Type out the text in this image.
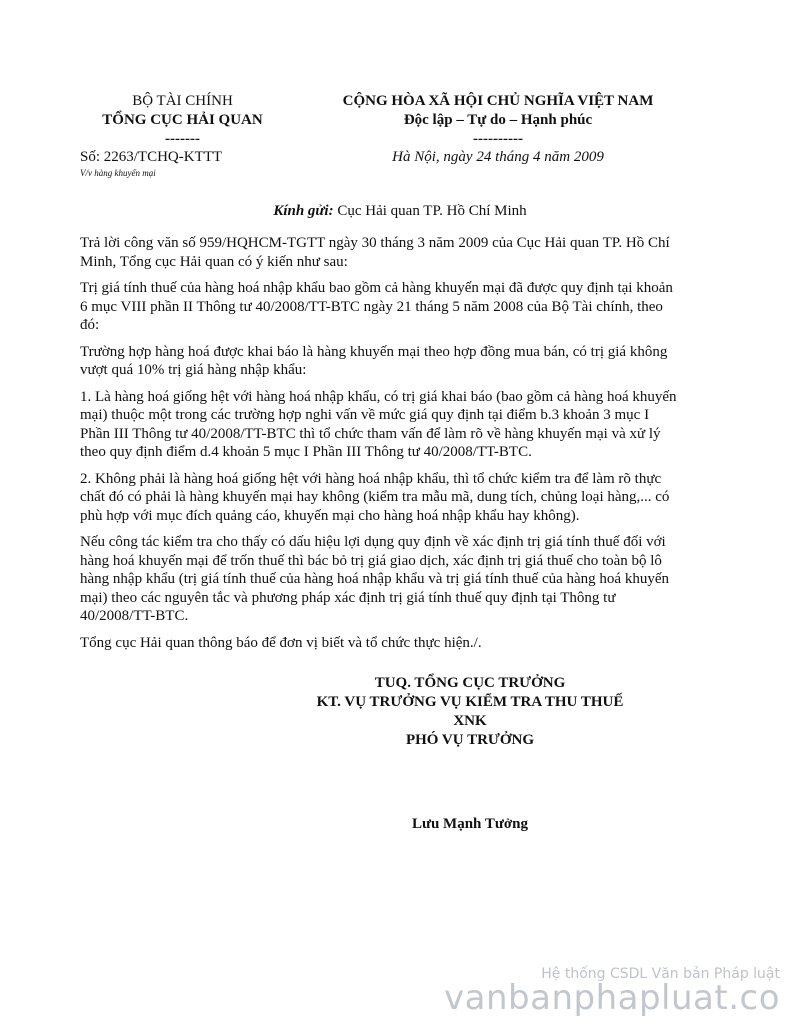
BỘ TÀI CHÍNH
TỔNG CỤC HẢI QUAN
-------
Số: 2263/TCHQ-KTTT
V/v hàng khuyến mại
CỘNG HÒA XÃ HỘI CHỦ NGHĨA VIỆT NAM
Độc lập – Tự do – Hạnh phúc
----------
Hà Nội, ngày 24 tháng 4 năm 2009
Kính gửi: Cục Hải quan TP. Hồ Chí Minh

Trả lời công văn số 959/HQHCM-TGTT ngày 30 tháng 3 năm 2009 của Cục Hải quan TP. Hồ Chí Minh, Tổng cục Hải quan có ý kiến như sau:

Trị giá tính thuế của hàng hoá nhập khẩu bao gồm cả hàng khuyến mại đã được quy định tại khoản 6 mục VIII phần II Thông tư 40/2008/TT-BTC ngày 21 tháng 5 năm 2008 của Bộ Tài chính, theo đó:

Trường hợp hàng hoá được khai báo là hàng khuyến mại theo hợp đồng mua bán, có trị giá không vượt quá 10% trị giá hàng nhập khẩu:

1. Là hàng hoá giống hệt với hàng hoá nhập khẩu, có trị giá khai báo (bao gồm cả hàng hoá khuyến mại) thuộc một trong các trường hợp nghi vấn về mức giá quy định tại điểm b.3 khoản 3 mục I Phần III Thông tư 40/2008/TT-BTC thì tổ chức tham vấn để làm rõ về hàng khuyến mại và xử lý theo quy định điểm d.4 khoản 5 mục I Phần III Thông tư 40/2008/TT-BTC.

2. Không phải là hàng hoá giống hệt với hàng hoá nhập khẩu, thì tổ chức kiểm tra để làm rõ thực chất đó có phải là hàng khuyến mại hay không (kiểm tra mẫu mã, dung tích, chủng loại hàng,... có phù hợp với mục đích quảng cáo, khuyến mại cho hàng hoá nhập khẩu hay không).

Nếu công tác kiểm tra cho thấy có dấu hiệu lợi dụng quy định về xác định trị giá tính thuế đối với hàng hoá khuyến mại để trốn thuế thì bác bỏ trị giá giao dịch, xác định trị giá thuế cho toàn bộ lô hàng nhập khẩu (trị giá tính thuế của hàng hoá nhập khẩu và trị giá tính thuế của hàng hoá khuyến mại) theo các nguyên tắc và phương pháp xác định trị giá tính thuế quy định tại Thông tư 40/2008/TT-BTC.

Tổng cục Hải quan thông báo để đơn vị biết và tổ chức thực hiện./.

TUQ. TỔNG CỤC TRƯỞNG
KT. VỤ TRƯỞNG VỤ KIỂM TRA THU THUẾ XNK
PHÓ VỤ TRƯỞNG
Lưu Mạnh Tưởng
Hệ thống CSDL Văn bản Pháp luật
vanbanphapluat.co
